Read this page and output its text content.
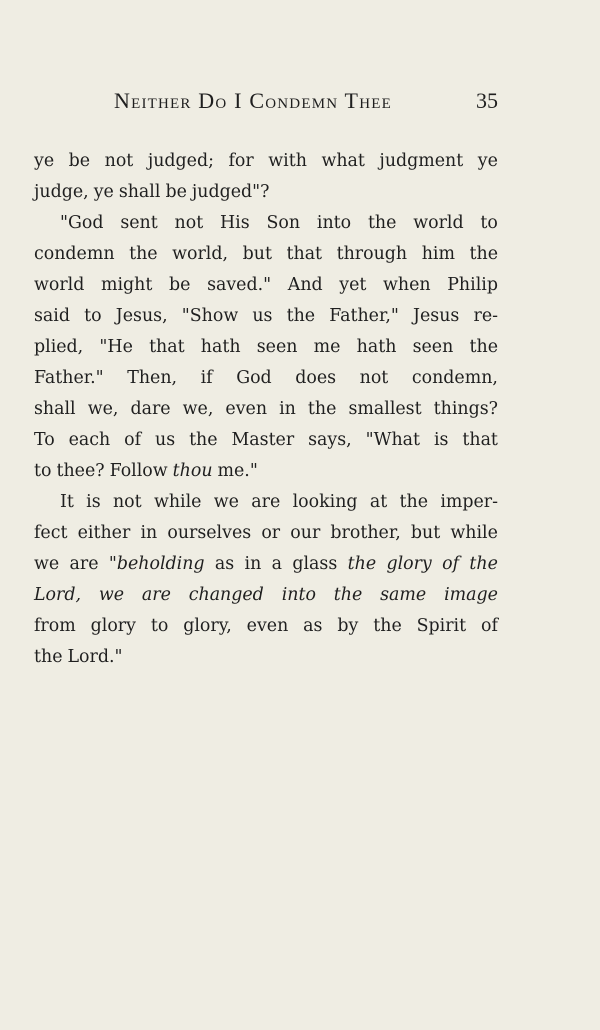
Neither Do I Condemn Thee	35
ye be not judged; for with what judgment ye
judge, ye shall be judged"?
"God sent not His Son into the world to
condemn the world, but that through him the
world might be saved." And yet when Philip
said to Jesus, "Show us the Father," Jesus re-
plied, "He that hath seen me hath seen the
Father." Then, if God does not condemn,
shall we, dare we, even in the smallest things?
To each of us the Master says, "What is that
to thee? Follow thou me."
It is not while we are looking at the imper-
fect either in ourselves or our brother, but while
we are "beholding as in a glass the glory of the
Lord, we are changed into the same image
from glory to glory, even as by the Spirit of
the Lord."
